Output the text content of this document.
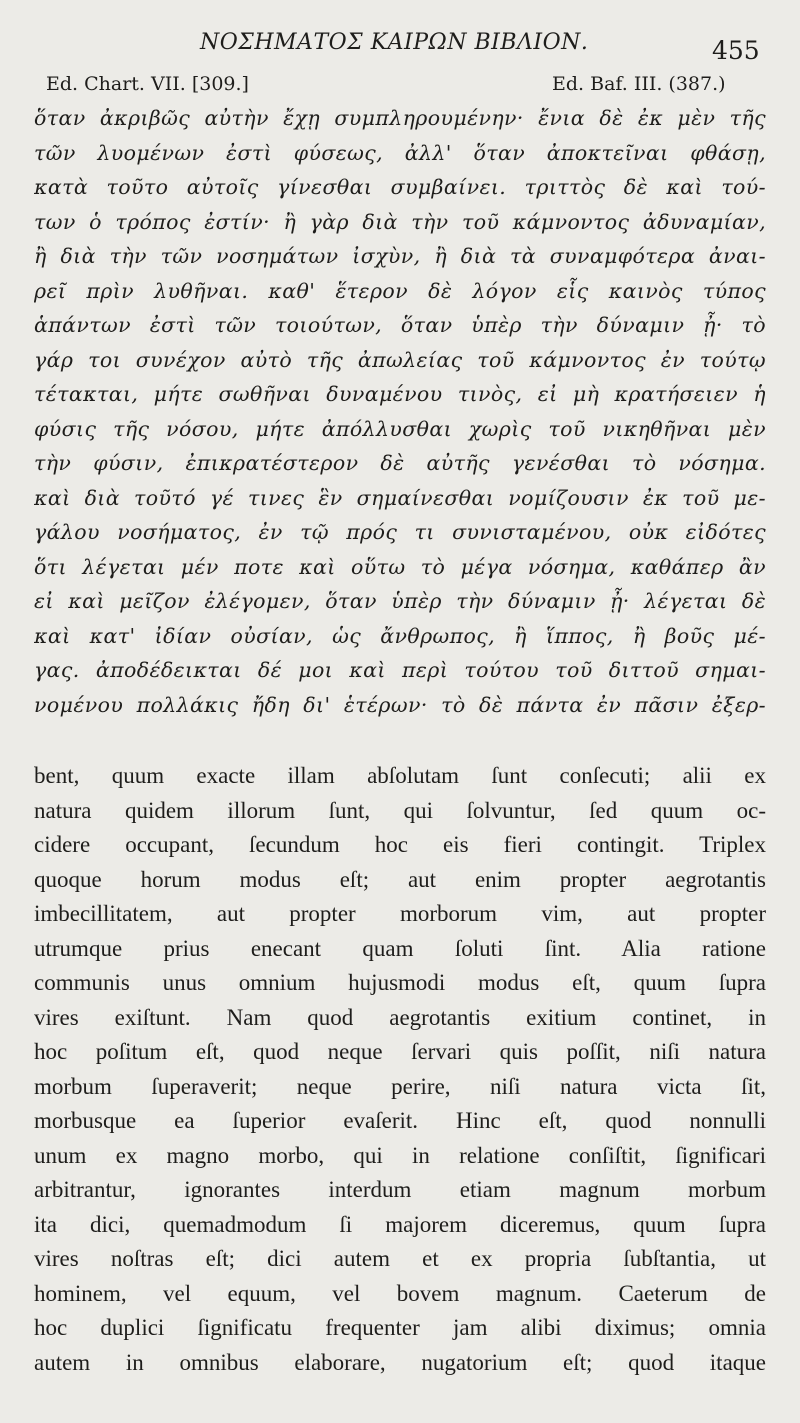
ΝΟΣΗΜΑΤΟΣ ΚΑΙΡΩΝ ΒΙΒΛΙΟΝ.	455
Ed. Chart. VII. [309.]	Ed. Baf. III. (387.)
ὅταν ἀκριβῶς αὐτὴν ἔχῃ συμπληρουμένην· ἔνια δὲ ἐκ μὲν τῆς
τῶν λυομένων ἐστὶ φύσεως, ἀλλ' ὅταν ἀποκτεῖναι φθάσῃ,
κατὰ τοῦτο αὐτοῖς γίνεσθαι συμβαίνει. τριττὸς δὲ καὶ τού-
των ὁ τρόπος ἐστίν· ἢ γὰρ διὰ τὴν τοῦ κάμνοντος ἀδυναμίαν,
ἢ διὰ τὴν τῶν νοσημάτων ἰσχὺν, ἢ διὰ τὰ συναμφότερα ἀναι-
ρεῖ πρὶν λυθῆναι. καθ' ἕτερον δὲ λόγον εἷς καινὸς τύπος
ἁπάντων ἐστὶ τῶν τοιούτων, ὅταν ὑπὲρ τὴν δύναμιν ᾖ· τὸ
γάρ τοι συνέχον αὐτὸ τῆς ἀπωλείας τοῦ κάμνοντος ἐν τούτῳ
τέτακται, μήτε σωθῆναι δυναμένου τινὸς, εἰ μὴ κρατήσειεν ἡ
φύσις τῆς νόσου, μήτε ἀπόλλυσθαι χωρὶς τοῦ νικηθῆναι μὲν
τὴν φύσιν, ἐπικρατέστερον δὲ αὐτῆς γενέσθαι τὸ νόσημα.
καὶ διὰ τοῦτό γέ τινες ἓν σημαίνεσθαι νομίζουσιν ἐκ τοῦ με-
γάλου νοσήματος, ἐν τῷ πρός τι συνισταμένου, οὐκ εἰδότες
ὅτι λέγεται μέν ποτε καὶ οὕτω τὸ μέγα νόσημα, καθάπερ ἂν
εἰ καὶ μεῖζον ἐλέγομεν, ὅταν ὑπὲρ τὴν δύναμιν ᾖ· λέγεται δὲ
καὶ κατ' ἰδίαν οὐσίαν, ὡς ἄνθρωπος, ἢ ἵππος, ἢ βοῦς μέ-
γας. ἀποδέδεικται δέ μοι καὶ περὶ τούτου τοῦ διττοῦ σημαι-
νομένου πολλάκις ἤδη δι' ἑτέρων· τὸ δὲ πάντα ἐν πᾶσιν ἐξερ-
bent, quum exacte illam abſolutam ſunt conſecuti; alii ex
natura quidem illorum ſunt, qui ſolvuntur, ſed quum oc-
cidere occupant, ſecundum hoc eis fieri contingit. Triplex
quoque horum modus eſt; aut enim propter aegrotantis
imbecillitatem, aut propter morborum vim, aut propter
utrumque prius enecant quam ſoluti ſint. Alia ratione
communis unus omnium hujusmodi modus eſt, quum ſupra
vires exiſtunt. Nam quod aegrotantis exitium continet, in
hoc poſitum eſt, quod neque ſervari quis poſſit, niſi natura
morbum ſuperaverit; neque perire, niſi natura victa ſit,
morbusque ea ſuperior evaſerit. Hinc eſt, quod nonnulli
unum ex magno morbo, qui in relatione conſiſtit, ſignificari
arbitrantur, ignorantes interdum etiam magnum morbum
ita dici, quemadmodum ſi majorem diceremus, quum ſupra
vires noſtras eſt; dici autem et ex propria ſubſtantia, ut
hominem, vel equum, vel bovem magnum. Caeterum de
hoc duplici ſignificatu frequenter jam alibi diximus; omnia
autem in omnibus elaborare, nugatorium eſt; quod itaque
